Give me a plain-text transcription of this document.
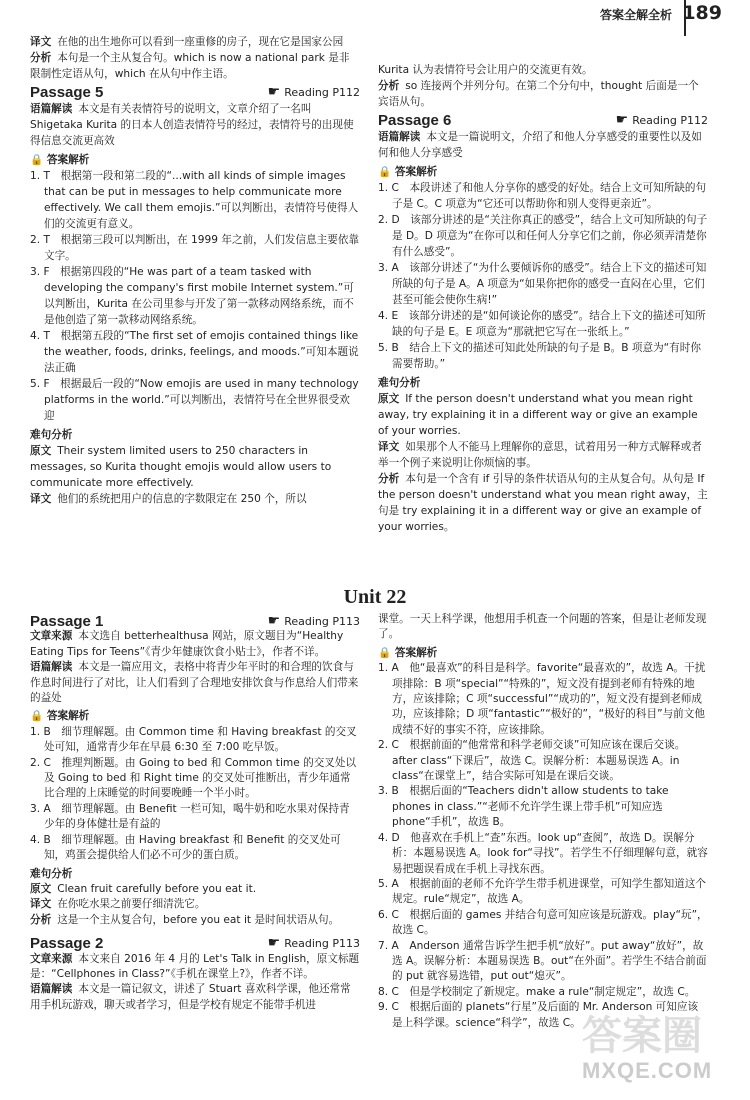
答案全解全析 189

译文 在他的出生地你可以看到一座重修的房子，现在它是国家公园

分析 本句是一个主从复合句。which is now a national park 是非限制性定语从句，which 在从句中作主语。

Passage 5	☛ Reading P112

语篇解读 本文是有关表情符号的说明文，文章介绍了一名叫 Shigetaka Kurita 的日本人创造表情符号的经过，表情符号的出现使得信息交流更高效

🔒 答案解析

1. T　根据第一段和第二段的“...with all kinds of simple images that can be put in messages to help communicate more effectively. We call them emojis.”可以判断出，表情符号使得人们的交流更有意义。

2. T　根据第三段可以判断出，在 1999 年之前，人们发信息主要依靠文字。

3. F　根据第四段的“He was part of a team tasked with developing the company's first mobile Internet system.”可以判断出，Kurita 在公司里参与开发了第一款移动网络系统，而不是他创造了第一款移动网络系统。

4. T　根据第五段的“The first set of emojis contained things like the weather, foods, drinks, feelings, and moods.”可知本题说法正确

5. F　根据最后一段的“Now emojis are used in many technology platforms in the world.”可以判断出，表情符号在全世界很受欢迎

难句分析

原文 Their system limited users to 250 characters in messages, so Kurita thought emojis would allow users to communicate more effectively.

译文 他们的系统把用户的信息的字数限定在 250 个，所以

Kurita 认为表情符号会让用户的交流更有效。

分析 so 连接两个并列分句。在第二个分句中，thought 后面是一个宾语从句。

Passage 6	☛ Reading P112

语篇解读 本文是一篇说明文，介绍了和他人分享感受的重要性以及如何和他人分享感受

🔒 答案解析

1. C　本段讲述了和他人分享你的感受的好处。结合上文可知所缺的句子是 C。C 项意为“它还可以帮助你和别人变得更亲近”。

2. D　该部分讲述的是“关注你真正的感受”，结合上文可知所缺的句子是 D。D 项意为“在你可以和任何人分享它们之前，你必须弄清楚你有什么感受”。

3. A　该部分讲述了“为什么要倾诉你的感受”。结合上下文的描述可知所缺的句子是 A。A 项意为“如果你把你的感受一直闷在心里，它们甚至可能会使你生病!”

4. E　该部分讲述的是“如何谈论你的感受”。结合上下文的描述可知所缺的句子是 E。E 项意为“那就把它写在一张纸上。”

5. B　结合上下文的描述可知此处所缺的句子是 B。B 项意为“有时你需要帮助。”

难句分析

原文 If the person doesn't understand what you mean right away, try explaining it in a different way or give an example of your worries.

译文 如果那个人不能马上理解你的意思，试着用另一种方式解释或者举一个例子来说明让你烦恼的事。

分析 本句是一个含有 if 引导的条件状语从句的主从复合句。从句是 If the person doesn't understand what you mean right away，主句是 try explaining it in a different way or give an example of your worries。

Unit 22
Passage 1	☛ Reading P113

文章来源 本文选自 betterhealthusa 网站，原文题目为“Healthy Eating Tips for Teens”《青少年健康饮食小贴士》，作者不详。

语篇解读 本文是一篇应用文，表格中将青少年平时的和合理的饮食与作息时间进行了对比，让人们看到了合理地安排饮食与作息给人们带来的益处

🔒 答案解析

1. B　细节理解题。由 Common time 和 Having breakfast 的交叉处可知，通常青少年在早晨 6:30 至 7:00 吃早饭。

2. C　推理判断题。由 Going to bed 和 Common time 的交叉处以及 Going to bed 和 Right time 的交叉处可推断出，青少年通常比合理的上床睡觉的时间要晚睡一个半小时。

3. A　细节理解题。由 Benefit 一栏可知，喝牛奶和吃水果对保持青少年的身体健壮是有益的

4. B　细节理解题。由 Having breakfast 和 Benefit 的交叉处可知，鸡蛋会提供给人们必不可少的蛋白质。

难句分析

原文 Clean fruit carefully before you eat it.

译文 在你吃水果之前要仔细清洗它。

分析 这是一个主从复合句，before you eat it 是时间状语从句。

Passage 2	☛ Reading P113

文章来源 本文来自 2016 年 4 月的 Let's Talk in English，原文标题是：“Cellphones in Class?”《手机在课堂上?》，作者不详。

语篇解读 本文是一篇记叙文，讲述了 Stuart 喜欢科学课，他还常常用手机玩游戏，聊天或者学习，但是学校有规定不能带手机进

课堂。一天上科学课，他想用手机查一个问题的答案，但是让老师发现了。

🔒 答案解析

1. A　他“最喜欢”的科目是科学。favorite“最喜欢的”，故选 A。干扰项排除：B 项“special”“特殊的”，短文没有提到老师有特殊的地方，应该排除；C 项“successful”“成功的”，短文没有提到老师成功，应该排除；D 项“fantastic”“极好的”，“极好的科目”与前文他成绩不好的事实不符，应该排除。

2. C　根据前面的“他常常和科学老师交谈”可知应该在课后交谈。after class“下课后”，故选 C。误解分析：本题易误选 A。in class“在课堂上”，结合实际可知是在课后交谈。

3. B　根据后面的“Teachers didn't allow students to take phones in class.”“老师不允许学生课上带手机”可知应选 phone“手机”，故选 B。

4. D　他喜欢在手机上“查”东西。look up“查阅”，故选 D。误解分析：本题易误选 A。look for“寻找”。若学生不仔细理解句意，就容易把题误看成在手机上寻找东西。

5. A　根据前面的老师不允许学生带手机进课堂，可知学生都知道这个规定。rule“规定”，故选 A。

6. C　根据后面的 games 并结合句意可知应该是玩游戏。play“玩”，故选 C。

7. A　Anderson 通常告诉学生把手机“放好”。put away“放好”，故选 A。误解分析：本题易误选 B。out“在外面”。若学生不结合前面的 put 就容易选错，put out“熄灭”。

8. C　但是学校制定了新规定。make a rule“制定规定”，故选 C。

9. C　根据后面的 planets“行星”及后面的 Mr. Anderson 可知应该是上科学课。science“科学”，故选 C。 答案圈
MXQE.COM
